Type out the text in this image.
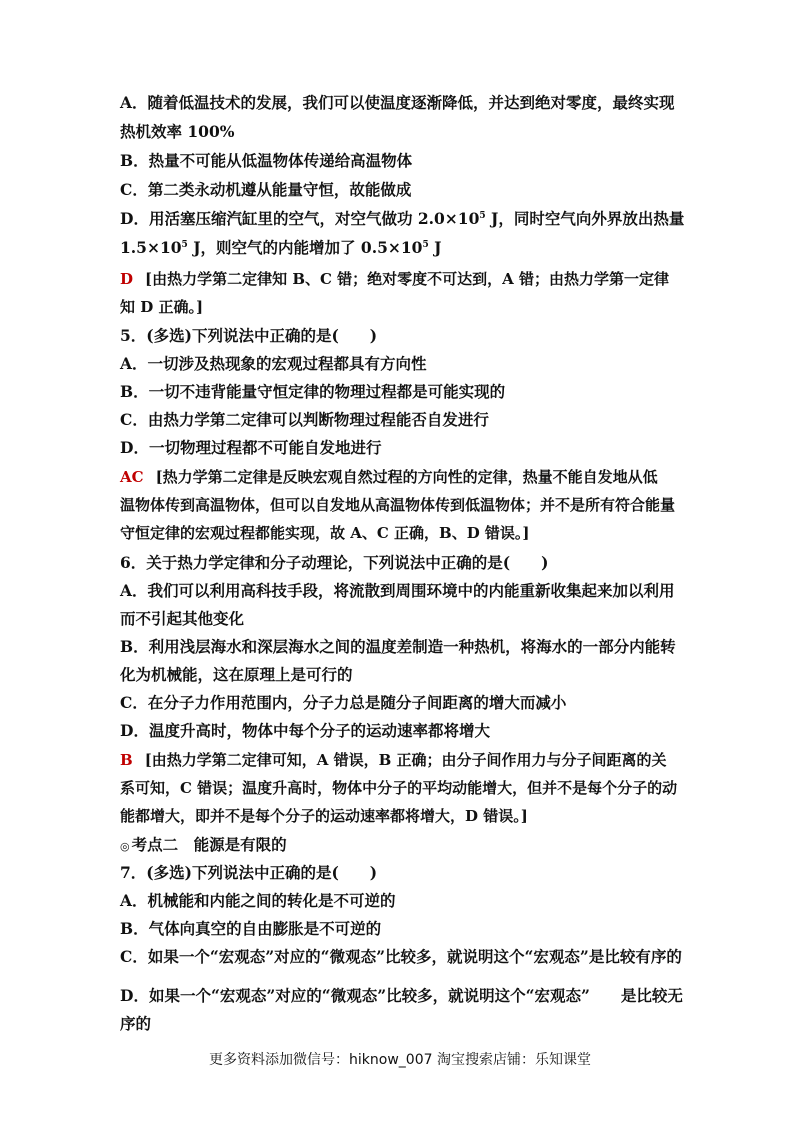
A．随着低温技术的发展，我们可以使温度逐渐降低，并达到绝对零度，最终实现
热机效率 100%
B．热量不可能从低温物体传递给高温物体
C．第二类永动机遵从能量守恒，故能做成
D．用活塞压缩汽缸里的空气，对空气做功 $2.0\times 10^5$ J，同时空气向外界放出热量
$1.5\times 10^5$ J，则空气的内能增加了 $0.5\times 10^5$ J
D [由热力学第二定律知 B、C 错；绝对零度不可达到，A 错；由热力学第一定律
知 D 正确。]
5．(多选)下列说法中正确的是(　　)
A．一切涉及热现象的宏观过程都具有方向性
B．一切不违背能量守恒定律的物理过程都是可能实现的
C．由热力学第二定律可以判断物理过程能否自发进行
D．一切物理过程都不可能自发地进行
AC [热力学第二定律是反映宏观自然过程的方向性的定律，热量不能自发地从低
温物体传到高温物体，但可以自发地从高温物体传到低温物体；并不是所有符合能量
守恒定律的宏观过程都能实现，故 A、C 正确，B、D 错误。]
6．关于热力学定律和分子动理论，下列说法中正确的是(　　)
A．我们可以利用高科技手段，将流散到周围环境中的内能重新收集起来加以利用
而不引起其他变化
B．利用浅层海水和深层海水之间的温度差制造一种热机，将海水的一部分内能转
化为机械能，这在原理上是可行的
C．在分子力作用范围内，分子力总是随分子间距离的增大而减小
D．温度升高时，物体中每个分子的运动速率都将增大
B [由热力学第二定律可知，A 错误，B 正确；由分子间作用力与分子间距离的关
系可知，C 错误；温度升高时，物体中分子的平均动能增大，但并不是每个分子的动
能都增大，即并不是每个分子的运动速率都将增大，D 错误。]
◎ 考点二　能源是有限的
7．(多选)下列说法中正确的是(　　)
A．机械能和内能之间的转化是不可逆的
B．气体向真空的自由膨胀是不可逆的
C．如果一个“宏观态”对应的“微观态”比较多，就说明这个“宏观态”是比较有序的
D．如果一个“宏观态”对应的“微观态”比较多，就说明这个“宏观态”　　是比较无
序的
更多资料添加微信号：hiknow_007 淘宝搜索店铺：乐知课堂
